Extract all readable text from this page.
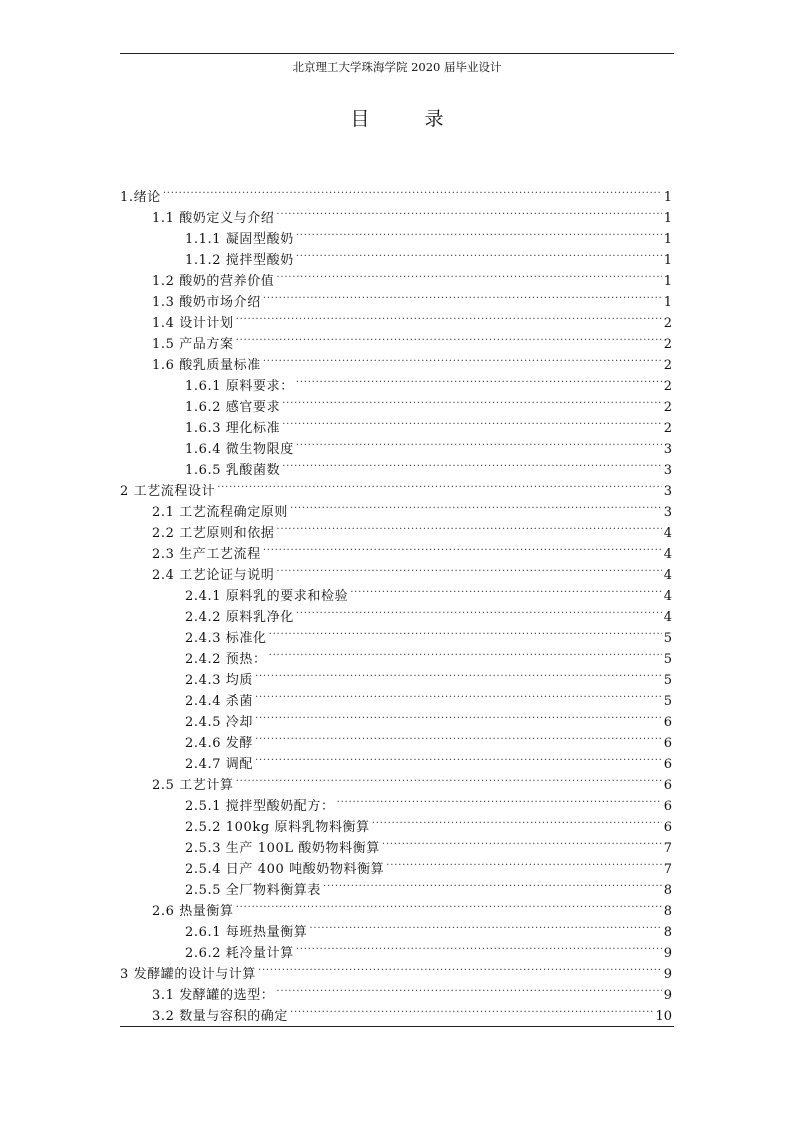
北京理工大学珠海学院 2020 届毕业设计
目　录
1.绪论 . . .	1
1.1 酸奶定义与介绍 . . .	1
1.1.1 凝固型酸奶 . . .	1
1.1.2 搅拌型酸奶 . . .	1
1.2 酸奶的营养价值 . . .	1
1.3 酸奶市场介绍 . . .	1
1.4 设计计划 . . .	2
1.5 产品方案 . . .	2
1.6 酸乳质量标准 . . .	2
1.6.1 原料要求： . . .	2
1.6.2 感官要求 . . .	2
1.6.3 理化标准 . . .	2
1.6.4 微生物限度 . . .	3
1.6.5 乳酸菌数 . . .	3
2 工艺流程设计 . . .	3
2.1 工艺流程确定原则 . . .	3
2.2 工艺原则和依据 . . .	4
2.3 生产工艺流程 . . .	4
2.4 工艺论证与说明 . . .	4
2.4.1 原料乳的要求和检验 . . .	4
2.4.2 原料乳净化 . . .	4
2.4.3 标准化 . . .	5
2.4.2 预热： . . .	5
2.4.3 均质 . . .	5
2.4.4 杀菌 . . .	5
2.4.5 冷却 . . .	6
2.4.6 发酵 . . .	6
2.4.7 调配 . . .	6
2.5 工艺计算 . . .	6
2.5.1 搅拌型酸奶配方： . . .	6
2.5.2 100kg 原料乳物料衡算 . . .	6
2.5.3 生产 100L 酸奶物料衡算 . . .	7
2.5.4 日产 400 吨酸奶物料衡算 . . .	7
2.5.5 全厂物料衡算表 . . .	8
2.6 热量衡算 . . .	8
2.6.1 每班热量衡算 . . .	8
2.6.2 耗冷量计算 . . .	9
3 发酵罐的设计与计算 . . .	9
3.1 发酵罐的选型： . . .	9
3.2 数量与容积的确定 . . .	10
